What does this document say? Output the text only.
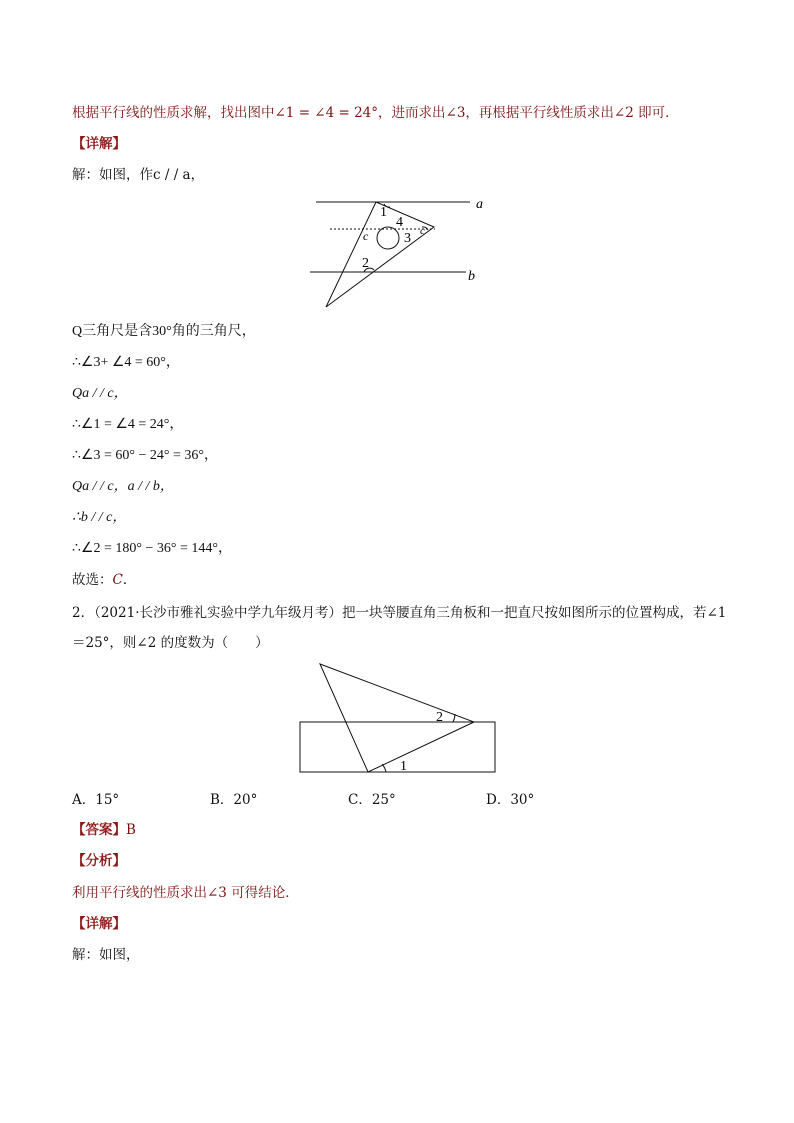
根据平行线的性质求解，找出图中∠1 = ∠4 = 24°，进而求出∠3，再根据平行线性质求出∠2 即可．
【详解】
解：如图，作c / / a，
a
b
1
4
3
2
c	c
Q三角尺是含30°角的三角尺，
∴∠3+ ∠4 = 60°，
Qa / / c，
∴∠1 = ∠4 = 24°，
∴∠3 = 60° − 24° = 36°，
Qa / / c，a / / b，
∴b / / c，
∴∠2 = 180° − 36° = 144°，
故选：C．
2．（2021·长沙市雅礼实验中学九年级月考）把一块等腰直角三角板和一把直尺按如图所示的位置构成，若∠1
＝25°，则∠2 的度数为（　　）
1
2
A．15°	B．20°	C．25°	D．30°
【答案】B
【分析】
利用平行线的性质求出∠3 可得结论．
【详解】
解：如图，
